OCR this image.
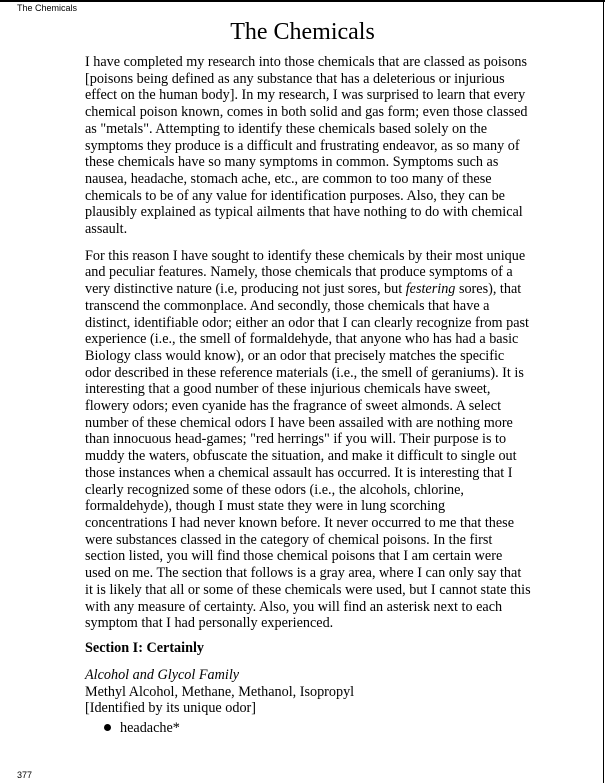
The Chemicals
The Chemicals

I have completed my research into those chemicals that are classed as poisons
[poisons being defined as any substance that has a deleterious or injurious
effect on the human body]. In my research, I was surprised to learn that every
chemical poison known, comes in both solid and gas form; even those classed
as "metals". Attempting to identify these chemicals based solely on the
symptoms they produce is a difficult and frustrating endeavor, as so many of
these chemicals have so many symptoms in common. Symptoms such as
nausea, headache, stomach ache, etc., are common to too many of these
chemicals to be of any value for identification purposes. Also, they can be
plausibly explained as typical ailments that have nothing to do with chemical
assault.

For this reason I have sought to identify these chemicals by their most unique
and peculiar features. Namely, those chemicals that produce symptoms of a
very distinctive nature (i.e, producing not just sores, but festering sores), that
transcend the commonplace. And secondly, those chemicals that have a
distinct, identifiable odor; either an odor that I can clearly recognize from past
experience (i.e., the smell of formaldehyde, that anyone who has had a basic
Biology class would know), or an odor that precisely matches the specific
odor described in these reference materials (i.e., the smell of geraniums). It is
interesting that a good number of these injurious chemicals have sweet,
flowery odors; even cyanide has the fragrance of sweet almonds. A select
number of these chemical odors I have been assailed with are nothing more
than innocuous head-games; "red herrings" if you will. Their purpose is to
muddy the waters, obfuscate the situation, and make it difficult to single out
those instances when a chemical assault has occurred. It is interesting that I
clearly recognized some of these odors (i.e., the alcohols, chlorine,
formaldehyde), though I must state they were in lung scorching
concentrations I had never known before. It never occurred to me that these
were substances classed in the category of chemical poisons. In the first
section listed, you will find those chemical poisons that I am certain were
used on me. The section that follows is a gray area, where I can only say that
it is likely that all or some of these chemicals were used, but I cannot state this
with any measure of certainty. Also, you will find an asterisk next to each
symptom that I had personally experienced.

Section I: Certainly
Alcohol and Glycol Family
Methyl Alcohol, Methane, Methanol, Isopropyl
[Identified by its unique odor]
headache*
377
